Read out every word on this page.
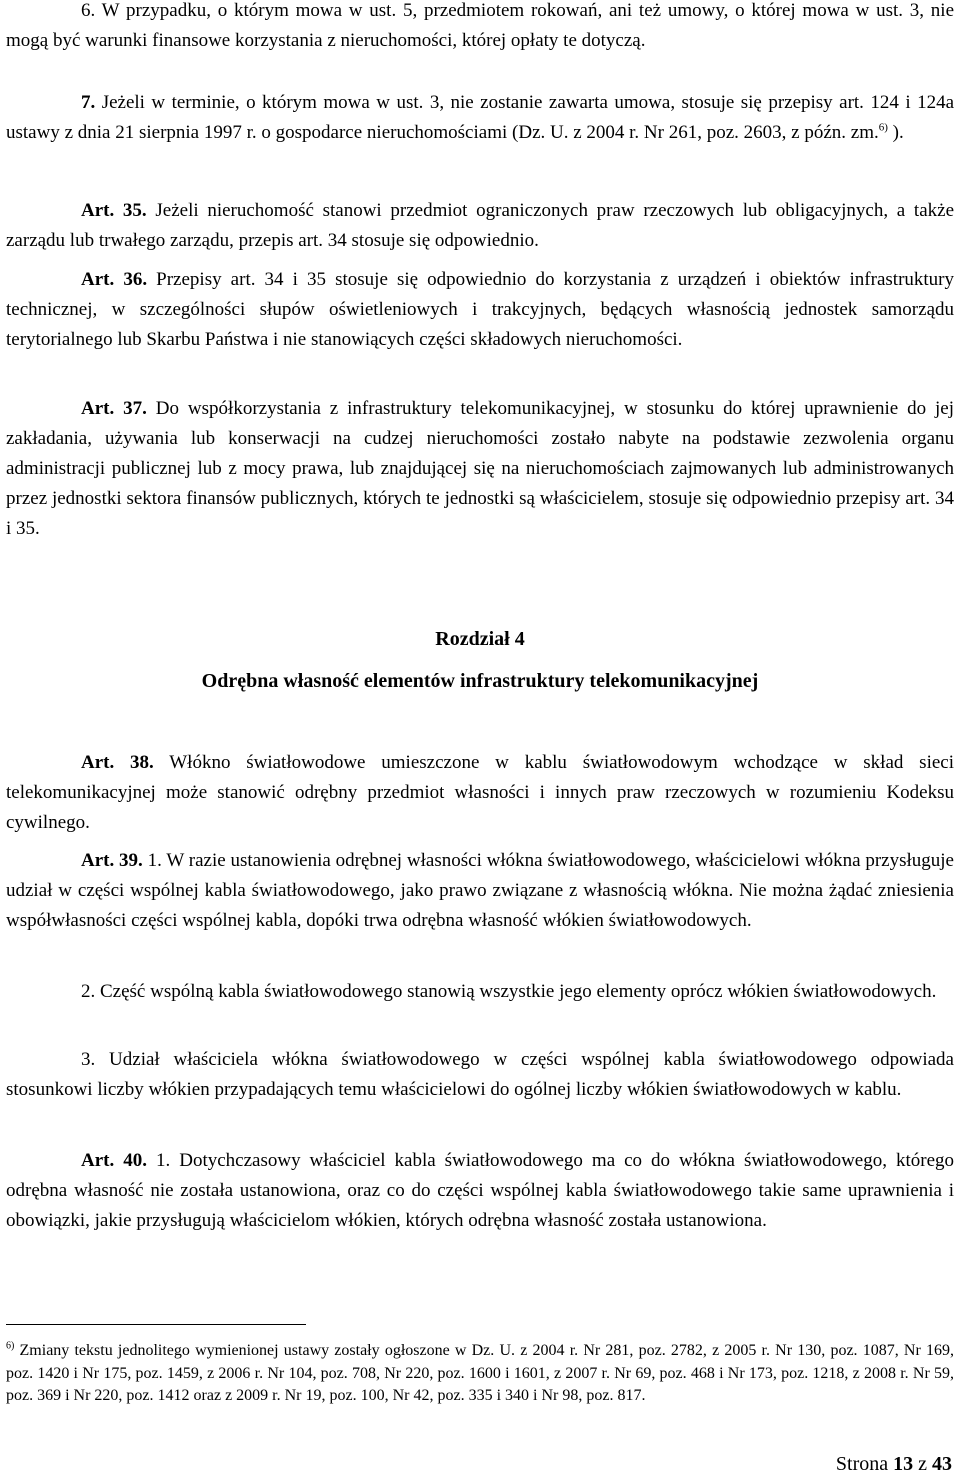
6. W przypadku, o którym mowa w ust. 5, przedmiotem rokowań, ani też umowy, o której mowa w ust. 3, nie mogą być warunki finansowe korzystania z nieruchomości, której opłaty te dotyczą.

7. Jeżeli w terminie, o którym mowa w ust. 3, nie zostanie zawarta umowa, stosuje się przepisy art. 124 i 124a ustawy z dnia 21 sierpnia 1997 r. o gospodarce nieruchomościami (Dz. U. z 2004 r. Nr 261, poz. 2603, z późn. zm.$^{6)}$ ).

Art. 35. Jeżeli nieruchomość stanowi przedmiot ograniczonych praw rzeczowych lub obligacyjnych, a także zarządu lub trwałego zarządu, przepis art. 34 stosuje się odpowiednio.

Art. 36. Przepisy art. 34 i 35 stosuje się odpowiednio do korzystania z urządzeń i obiektów infrastruktury technicznej, w szczególności słupów oświetleniowych i trakcyjnych, będących własnością jednostek samorządu terytorialnego lub Skarbu Państwa i nie stanowiących części składowych nieruchomości.

Art. 37. Do współkorzystania z infrastruktury telekomunikacyjnej, w stosunku do której uprawnienie do jej zakładania, używania lub konserwacji na cudzej nieruchomości zostało nabyte na podstawie zezwolenia organu administracji publicznej lub z mocy prawa, lub znajdującej się na nieruchomościach zajmowanych lub administrowanych przez jednostki sektora finansów publicznych, których te jednostki są właścicielem, stosuje się odpowiednio przepisy art. 34 i 35.

Rozdział 4

Odrębna własność elementów infrastruktury telekomunikacyjnej

Art. 38. Włókno światłowodowe umieszczone w kablu światłowodowym wchodzące w skład sieci telekomunikacyjnej może stanowić odrębny przedmiot własności i innych praw rzeczowych w rozumieniu Kodeksu cywilnego.

Art. 39. 1. W razie ustanowienia odrębnej własności włókna światłowodowego, właścicielowi włókna przysługuje udział w części wspólnej kabla światłowodowego, jako prawo związane z własnością włókna. Nie można żądać zniesienia współwłasności części wspólnej kabla, dopóki trwa odrębna własność włókien światłowodowych.

2. Część wspólną kabla światłowodowego stanowią wszystkie jego elementy oprócz włókien światłowodowych.

3. Udział właściciela włókna światłowodowego w części wspólnej kabla światłowodowego odpowiada stosunkowi liczby włókien przypadających temu właścicielowi do ogólnej liczby włókien światłowodowych w kablu.

Art. 40. 1. Dotychczasowy właściciel kabla światłowodowego ma co do włókna światłowodowego, którego odrębna własność nie została ustanowiona, oraz co do części wspólnej kabla światłowodowego takie same uprawnienia i obowiązki, jakie przysługują właścicielom włókien, których odrębna własność została ustanowiona.

$^{6)}$ Zmiany tekstu jednolitego wymienionej ustawy zostały ogłoszone w Dz. U. z 2004 r. Nr 281, poz. 2782, z 2005 r. Nr 130, poz. 1087, Nr 169, poz. 1420 i Nr 175, poz. 1459, z 2006 r. Nr 104, poz. 708, Nr 220, poz. 1600 i 1601, z 2007 r. Nr 69, poz. 468 i Nr 173, poz. 1218, z 2008 r. Nr 59, poz. 369 i Nr 220, poz. 1412 oraz z 2009 r. Nr 19, poz. 100, Nr 42, poz. 335 i 340 i Nr 98, poz. 817.

Strona 13 z 43
